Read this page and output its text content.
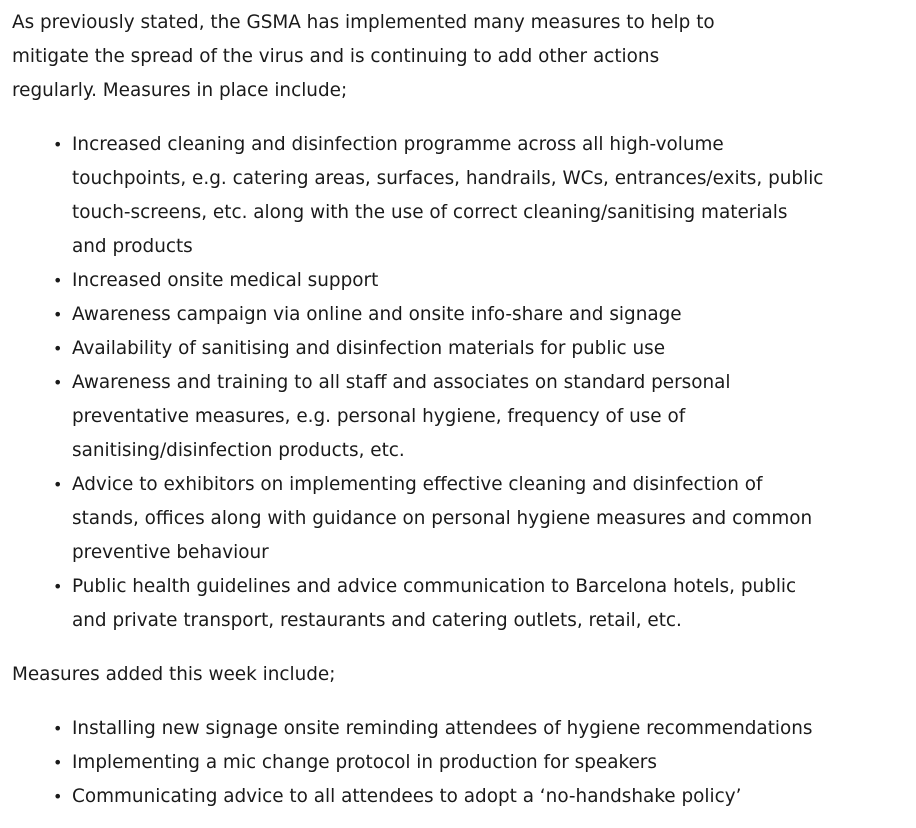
As previously stated, the GSMA has implemented many measures to help to
mitigate the spread of the virus and is continuing to add other actions
regularly. Measures in place include;

• Increased cleaning and disinfection programme across all high-volume
touchpoints, e.g. catering areas, surfaces, handrails, WCs, entrances/exits, public
touch-screens, etc. along with the use of correct cleaning/sanitising materials
and products
• Increased onsite medical support
• Awareness campaign via online and onsite info-share and signage
• Availability of sanitising and disinfection materials for public use
• Awareness and training to all staff and associates on standard personal
preventative measures, e.g. personal hygiene, frequency of use of
sanitising/disinfection products, etc.
• Advice to exhibitors on implementing effective cleaning and disinfection of
stands, offices along with guidance on personal hygiene measures and common
preventive behaviour
• Public health guidelines and advice communication to Barcelona hotels, public
and private transport, restaurants and catering outlets, retail, etc.

Measures added this week include;

• Installing new signage onsite reminding attendees of hygiene recommendations
• Implementing a mic change protocol in production for speakers
• Communicating advice to all attendees to adopt a ‘no-handshake policy’
